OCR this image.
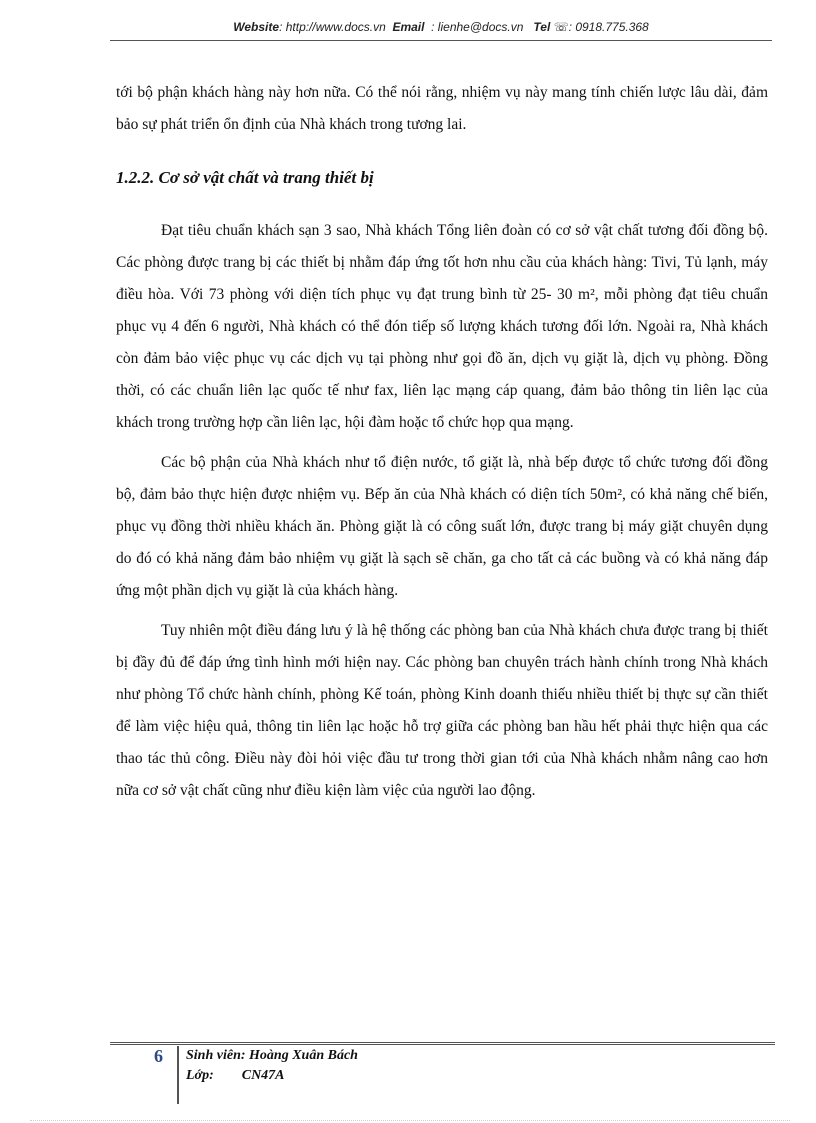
Website: http://www.docs.vn Email : lienhe@docs.vn Tel ☏: 0918.775.368

tới bộ phận khách hàng này hơn nữa. Có thể nói rằng, nhiệm vụ này mang tính chiến lược lâu dài, đảm bảo sự phát triển ổn định của Nhà khách trong tương lai.

1.2.2. Cơ sở vật chất và trang thiết bị

Đạt tiêu chuẩn khách sạn 3 sao, Nhà khách Tổng liên đoàn có cơ sở vật chất tương đối đồng bộ. Các phòng được trang bị các thiết bị nhằm đáp ứng tốt hơn nhu cầu của khách hàng: Tivi, Tủ lạnh, máy điều hòa. Với 73 phòng với diện tích phục vụ đạt trung bình từ 25- 30 m², mỗi phòng đạt tiêu chuẩn phục vụ 4 đến 6 người, Nhà khách có thể đón tiếp số lượng khách tương đối lớn. Ngoài ra, Nhà khách còn đảm bảo việc phục vụ các dịch vụ tại phòng như gọi đồ ăn, dịch vụ giặt là, dịch vụ phòng. Đồng thời, có các chuẩn liên lạc quốc tế như fax, liên lạc mạng cáp quang, đảm bảo thông tin liên lạc của khách trong trường hợp cần liên lạc, hội đàm hoặc tổ chức họp qua mạng.

Các bộ phận của Nhà khách như tổ điện nước, tổ giặt là, nhà bếp được tổ chức tương đối đồng bộ, đảm bảo thực hiện được nhiệm vụ. Bếp ăn của Nhà khách có diện tích 50m², có khả năng chế biến, phục vụ đồng thời nhiều khách ăn. Phòng giặt là có công suất lớn, được trang bị máy giặt chuyên dụng do đó có khả năng đảm bảo nhiệm vụ giặt là sạch sẽ chăn, ga cho tất cả các buồng và có khả năng đáp ứng một phần dịch vụ giặt là của khách hàng.

Tuy nhiên một điều đáng lưu ý là hệ thống các phòng ban của Nhà khách chưa được trang bị thiết bị đầy đủ để đáp ứng tình hình mới hiện nay. Các phòng ban chuyên trách hành chính trong Nhà khách như phòng Tổ chức hành chính, phòng Kế toán, phòng Kinh doanh thiếu nhiều thiết bị thực sự cần thiết để làm việc hiệu quả, thông tin liên lạc hoặc hỗ trợ giữa các phòng ban hầu hết phải thực hiện qua các thao tác thủ công. Điều này đòi hỏi việc đầu tư trong thời gian tới của Nhà khách nhằm nâng cao hơn nữa cơ sở vật chất cũng như điều kiện làm việc của người lao động.

6 Sinh viên: Hoàng Xuân Bách
Lớp: CN47A
